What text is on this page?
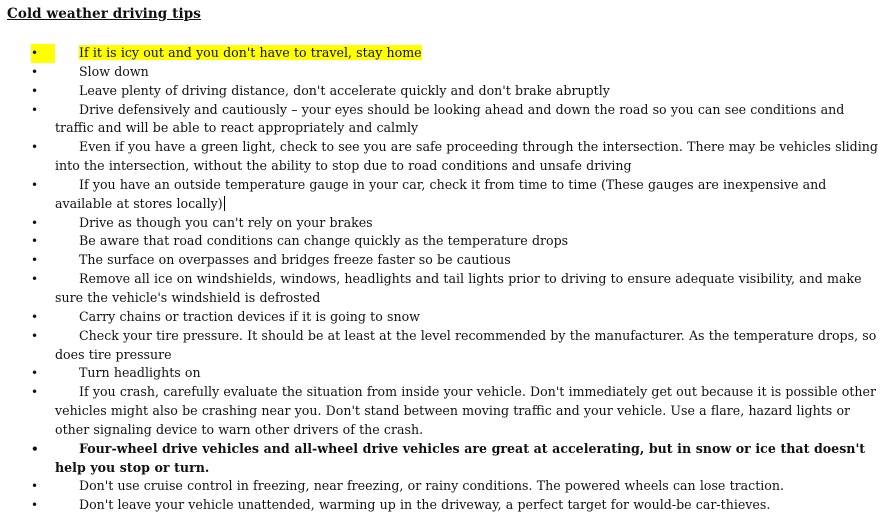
Cold weather driving tips
•	If it is icy out and you don't have to travel, stay home
•	Slow down
•	Leave plenty of driving distance, don't accelerate quickly and don't brake abruptly
•	Drive defensively and cautiously – your eyes should be looking ahead and down the road so you can see conditions and traffic and will be able to react appropriately and calmly
•	Even if you have a green light, check to see you are safe proceeding through the intersection. There may be vehicles sliding into the intersection, without the ability to stop due to road conditions and unsafe driving
•	If you have an outside temperature gauge in your car, check it from time to time (These gauges are inexpensive and available at stores locally)
•	Drive as though you can't rely on your brakes
•	Be aware that road conditions can change quickly as the temperature drops
•	The surface on overpasses and bridges freeze faster so be cautious
•	Remove all ice on windshields, windows, headlights and tail lights prior to driving to ensure adequate visibility, and make sure the vehicle's windshield is defrosted
•	Carry chains or traction devices if it is going to snow
•	Check your tire pressure. It should be at least at the level recommended by the manufacturer. As the temperature drops, so does tire pressure
•	Turn headlights on
•	If you crash, carefully evaluate the situation from inside your vehicle. Don't immediately get out because it is possible other vehicles might also be crashing near you. Don't stand between moving traffic and your vehicle. Use a flare, hazard lights or other signaling device to warn other drivers of the crash.
•	Four-wheel drive vehicles and all-wheel drive vehicles are great at accelerating, but in snow or ice that doesn't help you stop or turn.
•	Don't use cruise control in freezing, near freezing, or rainy conditions. The powered wheels can lose traction.
•	Don't leave your vehicle unattended, warming up in the driveway, a perfect target for would-be car-thieves.
